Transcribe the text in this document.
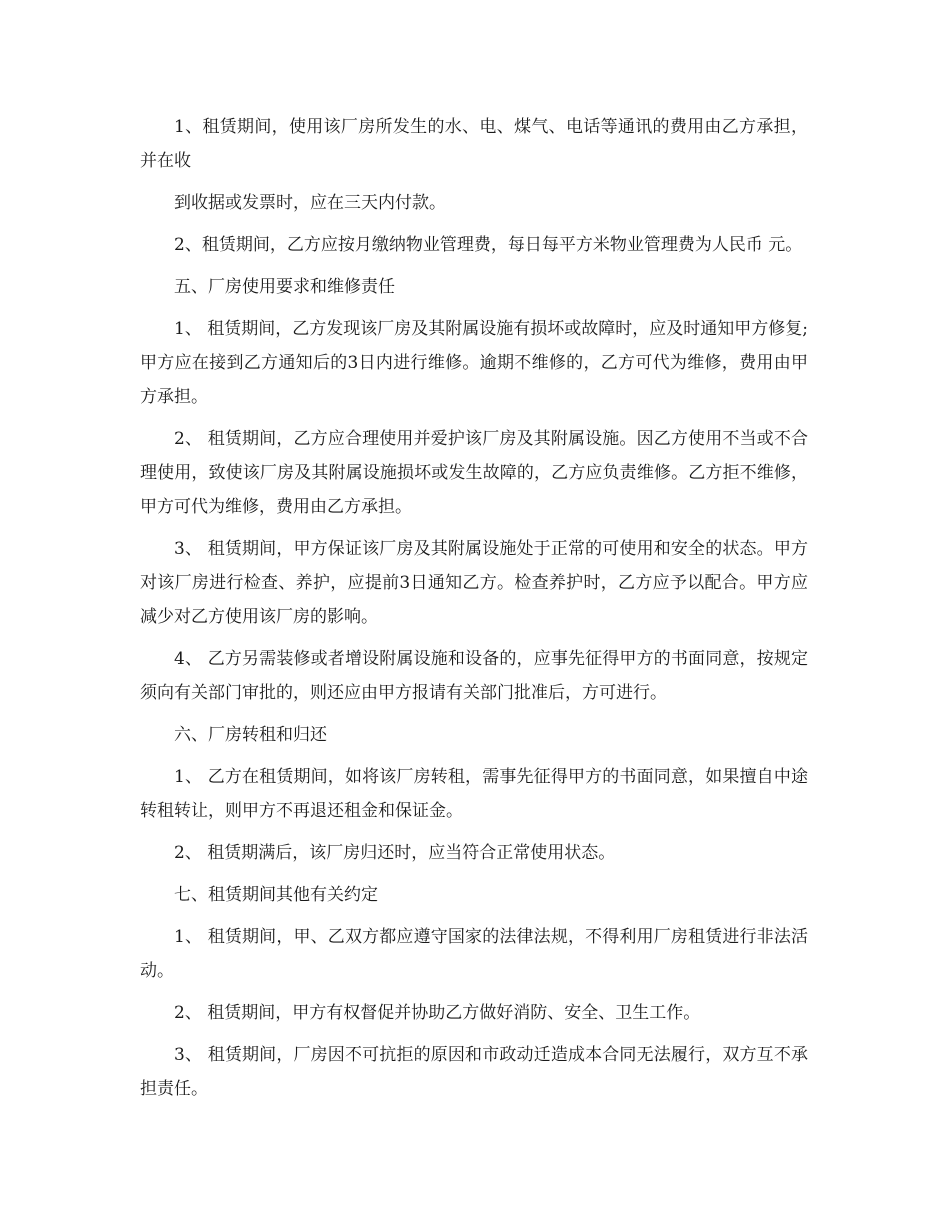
1、租赁期间，使用该厂房所发生的水、电、煤气、电话等通讯的费用由乙方承担，并在收

到收据或发票时，应在三天内付款。

2、租赁期间，乙方应按月缴纳物业管理费，每日每平方米物业管理费为人民币 元。

五、厂房使用要求和维修责任

1、 租赁期间，乙方发现该厂房及其附属设施有损坏或故障时，应及时通知甲方修复;甲方应在接到乙方通知后的3日内进行维修。逾期不维修的，乙方可代为维修，费用由甲方承担。

2、 租赁期间，乙方应合理使用并爱护该厂房及其附属设施。因乙方使用不当或不合理使用，致使该厂房及其附属设施损坏或发生故障的，乙方应负责维修。乙方拒不维修，甲方可代为维修，费用由乙方承担。

3、 租赁期间，甲方保证该厂房及其附属设施处于正常的可使用和安全的状态。甲方对该厂房进行检查、养护，应提前3日通知乙方。检查养护时，乙方应予以配合。甲方应减少对乙方使用该厂房的影响。

4、 乙方另需装修或者增设附属设施和设备的，应事先征得甲方的书面同意，按规定须向有关部门审批的，则还应由甲方报请有关部门批准后，方可进行。

六、厂房转租和归还

1、 乙方在租赁期间，如将该厂房转租，需事先征得甲方的书面同意，如果擅自中途转租转让，则甲方不再退还租金和保证金。

2、 租赁期满后，该厂房归还时，应当符合正常使用状态。

七、租赁期间其他有关约定

1、 租赁期间，甲、乙双方都应遵守国家的法律法规，不得利用厂房租赁进行非法活动。

2、 租赁期间，甲方有权督促并协助乙方做好消防、安全、卫生工作。

3、 租赁期间，厂房因不可抗拒的原因和市政动迁造成本合同无法履行，双方互不承担责任。
